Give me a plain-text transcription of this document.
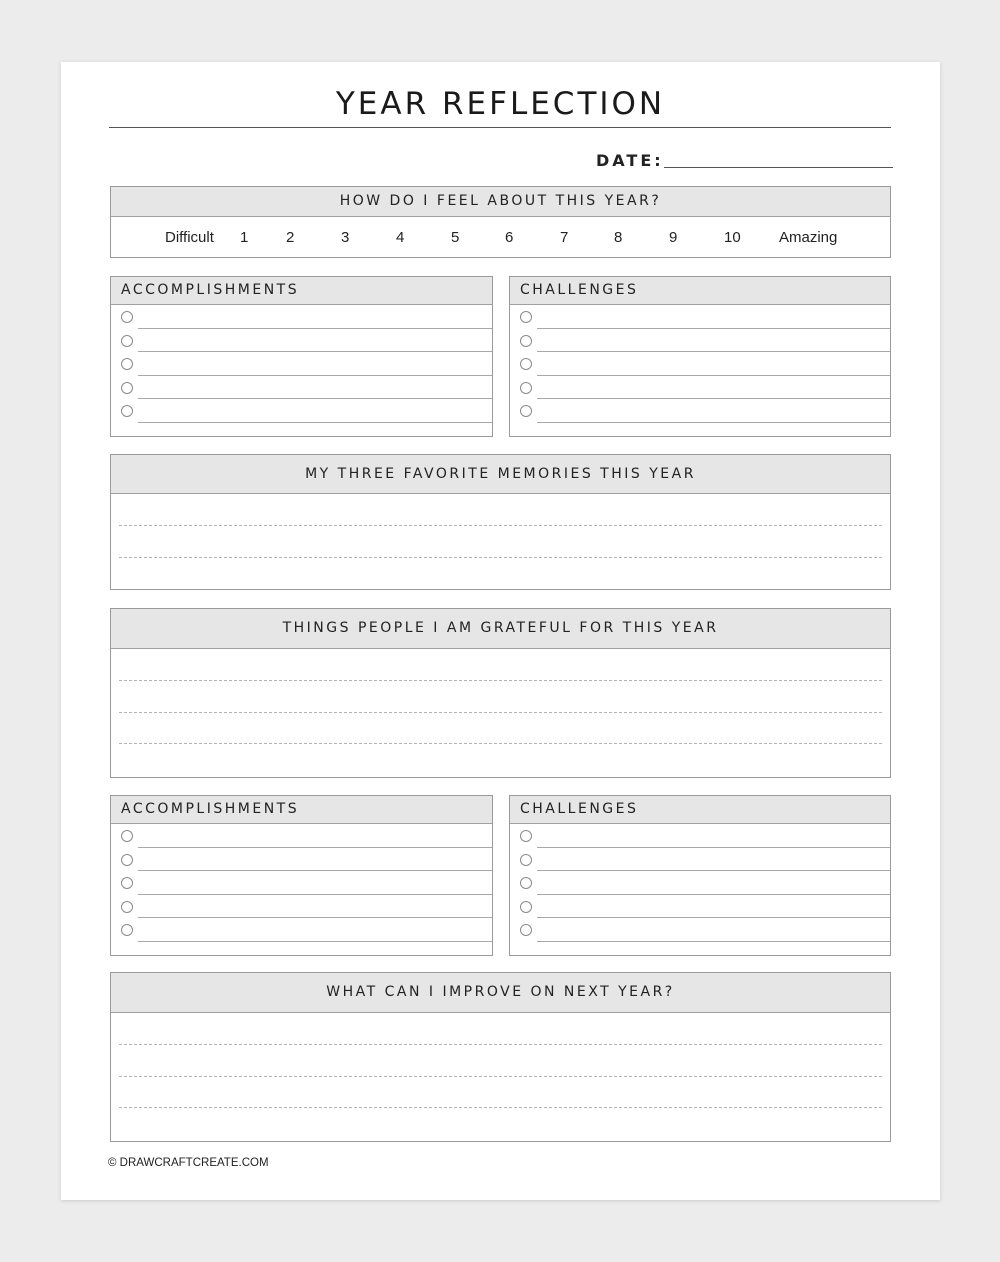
YEAR REFLECTION
DATE:
HOW DO I FEEL ABOUT THIS YEAR?
Difficult 1	2	3	4	5	6	7	8	9	10	Amazing
ACCOMPLISHMENTS	CHALLENGES
MY THREE FAVORITE MEMORIES THIS YEAR
THINGS PEOPLE I AM GRATEFUL FOR THIS YEAR
ACCOMPLISHMENTS	CHALLENGES
WHAT CAN I IMPROVE ON NEXT YEAR?
© DRAWCRAFTCREATE.COM
